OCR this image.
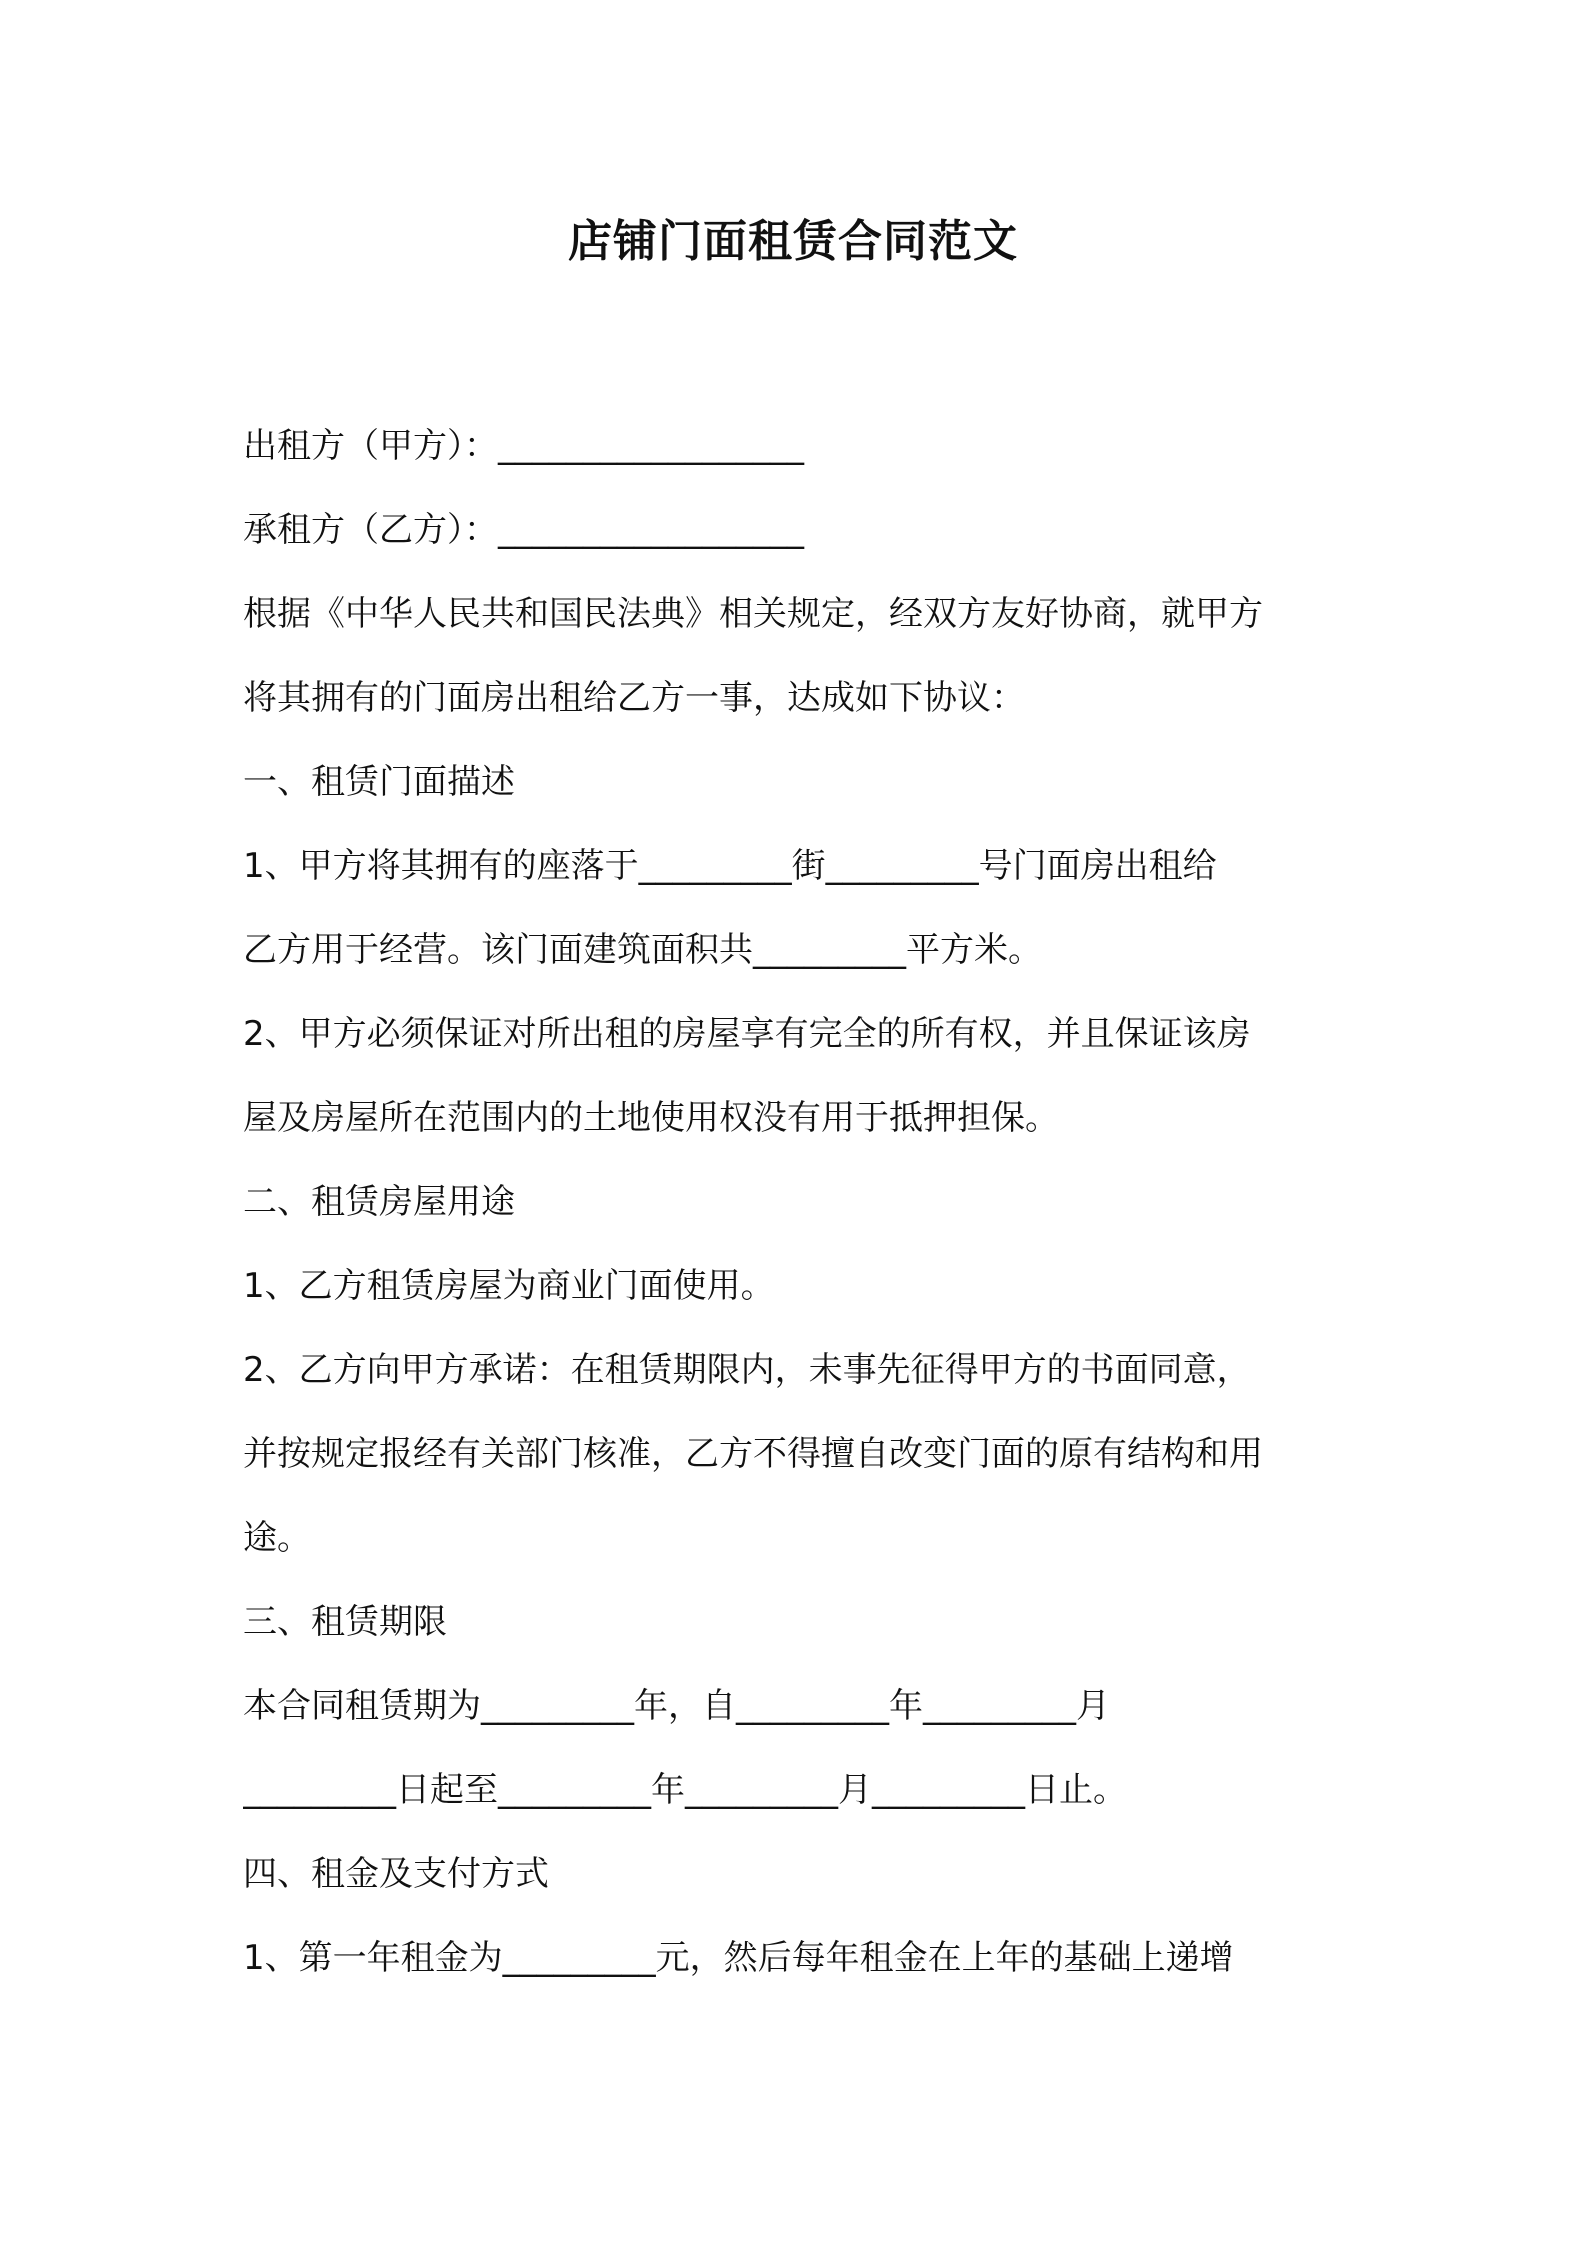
店铺门面租赁合同范文

出租方（甲方）：__________________

承租方（乙方）：__________________

根据《中华人民共和国民法典》相关规定，经双方友好协商，就甲方

将其拥有的门面房出租给乙方一事，达成如下协议：

一、租赁门面描述

1、甲方将其拥有的座落于_________街_________号门面房出租给

乙方用于经营。该门面建筑面积共_________平方米。

2、甲方必须保证对所出租的房屋享有完全的所有权，并且保证该房

屋及房屋所在范围内的土地使用权没有用于抵押担保。

二、租赁房屋用途

1、乙方租赁房屋为商业门面使用。

2、乙方向甲方承诺：在租赁期限内，未事先征得甲方的书面同意，

并按规定报经有关部门核准，乙方不得擅自改变门面的原有结构和用

途。

三、租赁期限

本合同租赁期为_________年，自_________年_________月

_________日起至_________年_________月_________日止。

四、租金及支付方式

1、第一年租金为_________元，然后每年租金在上年的基础上递增
